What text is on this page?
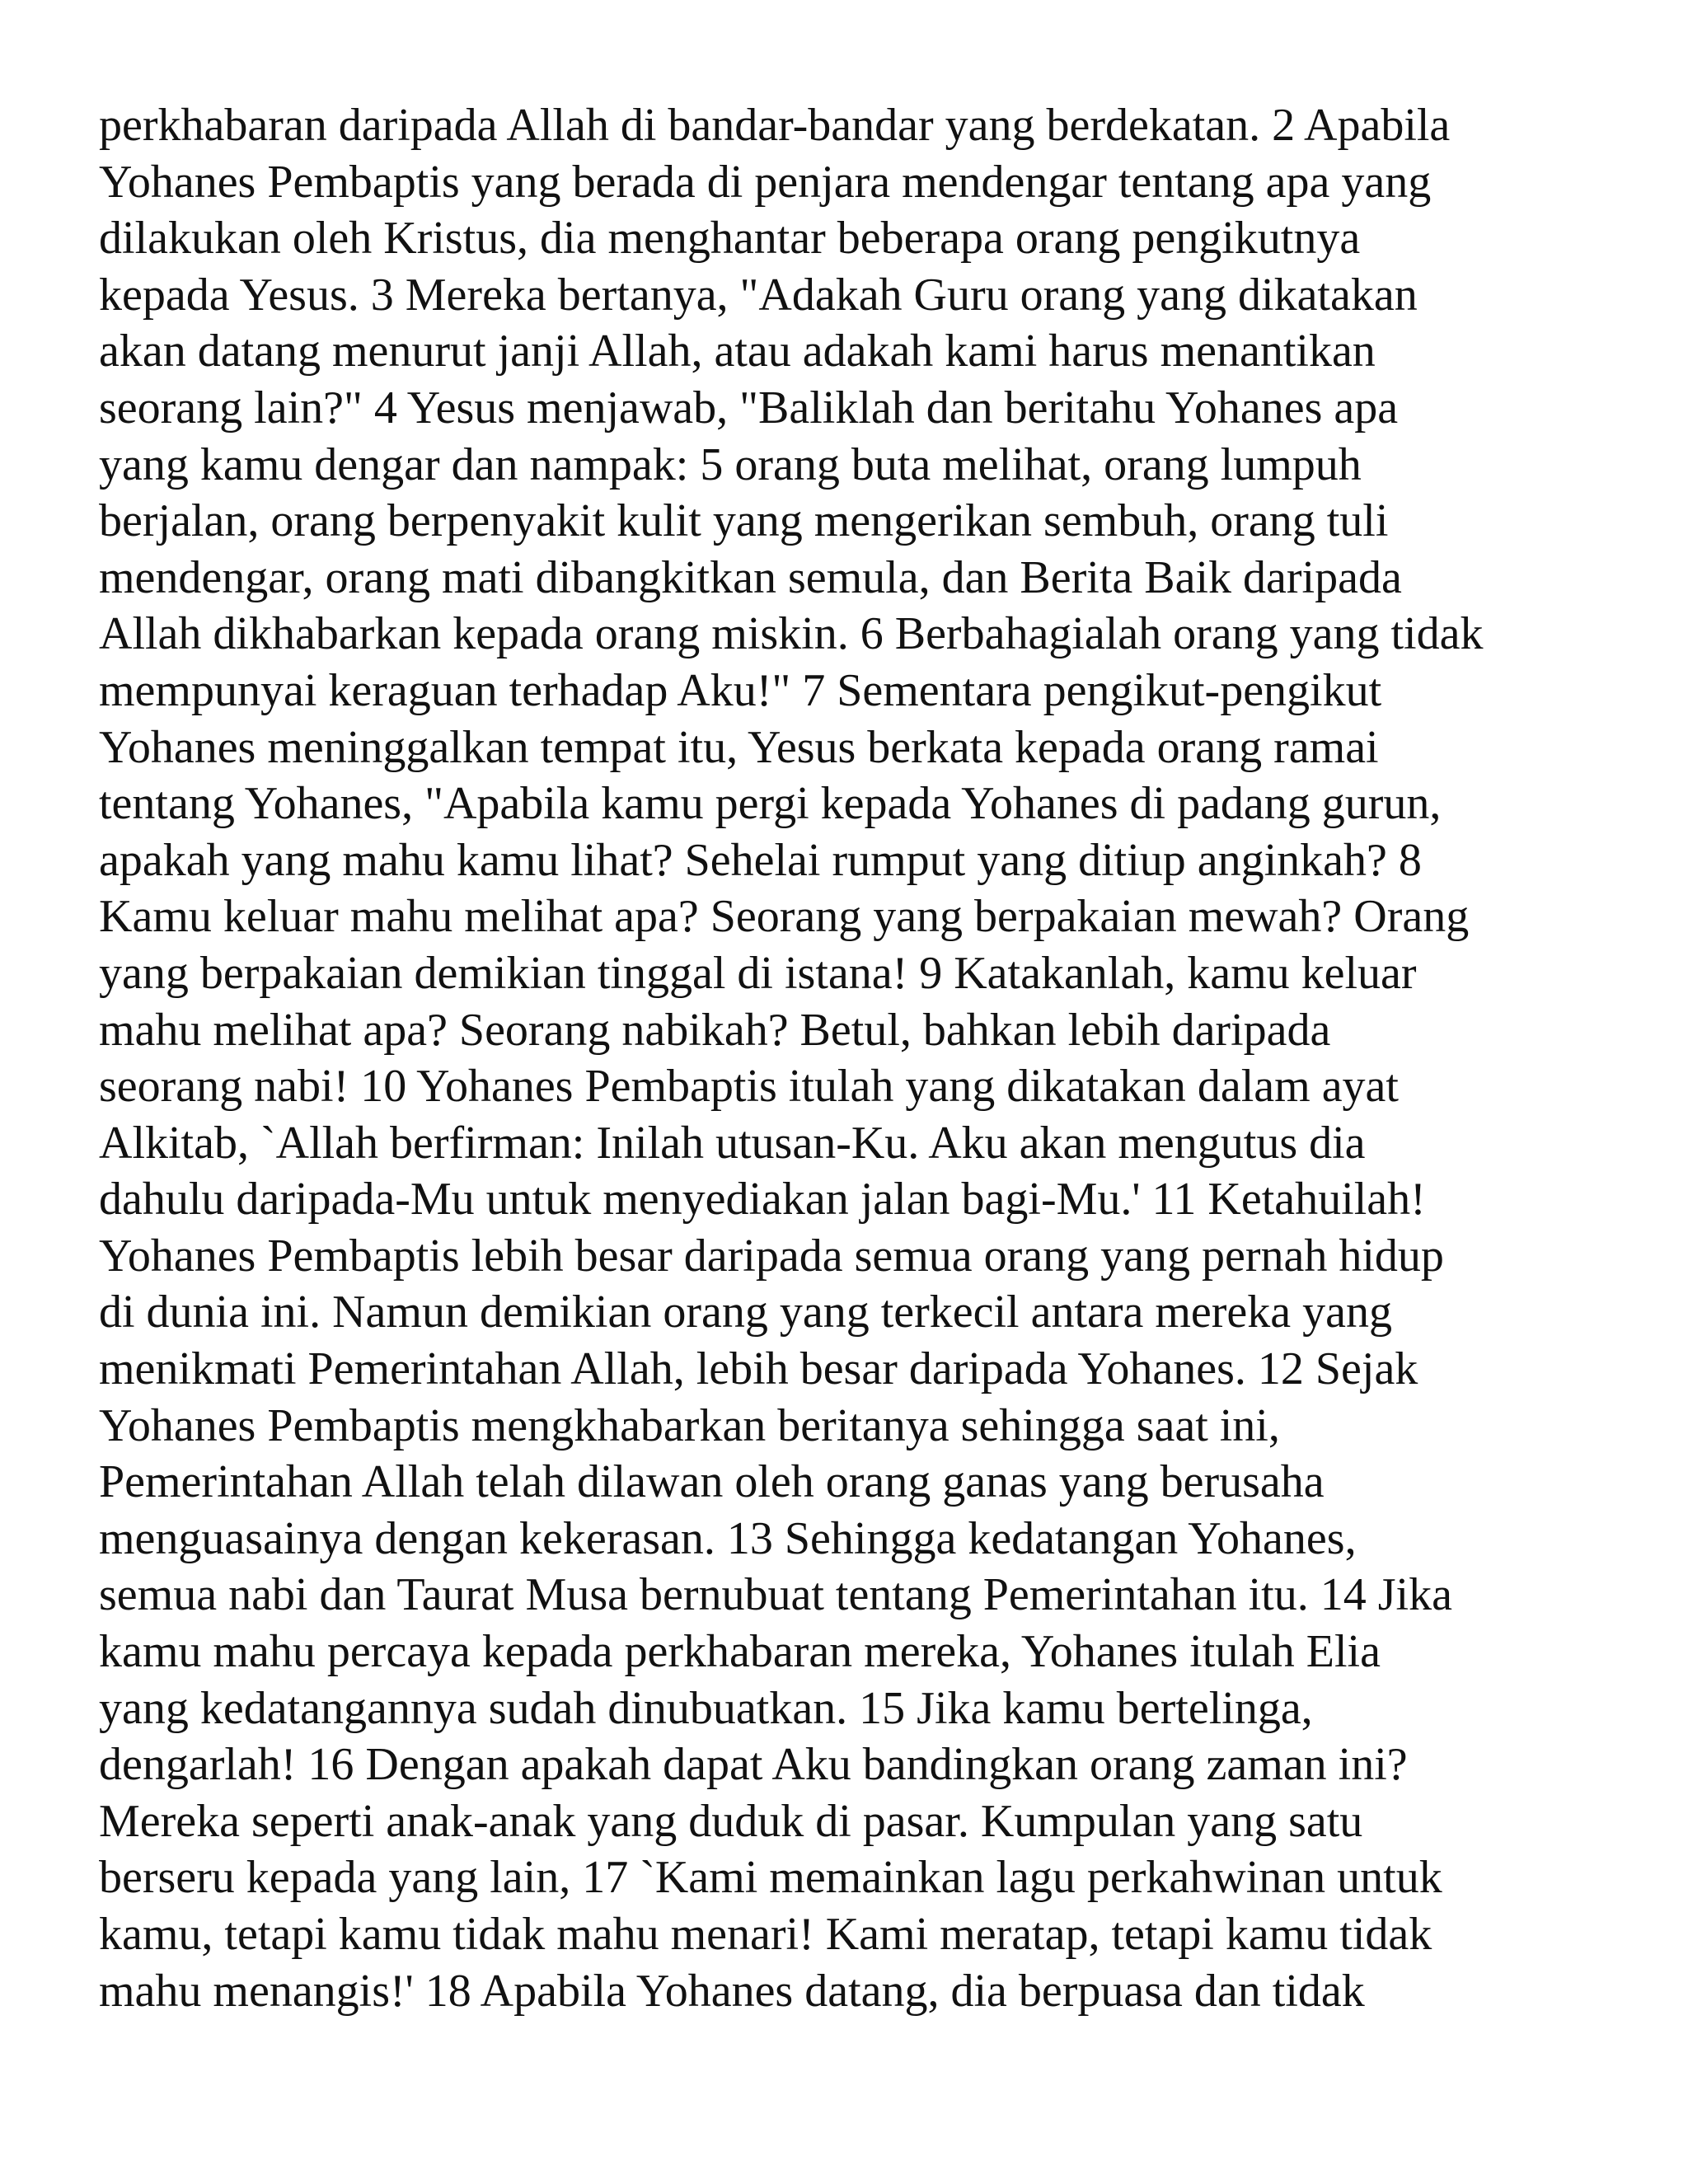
perkhabaran daripada Allah di bandar-bandar yang berdekatan. 2 Apabila
Yohanes Pembaptis yang berada di penjara mendengar tentang apa yang
dilakukan oleh Kristus, dia menghantar beberapa orang pengikutnya
kepada Yesus. 3 Mereka bertanya, "Adakah Guru orang yang dikatakan
akan datang menurut janji Allah, atau adakah kami harus menantikan
seorang lain?" 4 Yesus menjawab, "Baliklah dan beritahu Yohanes apa
yang kamu dengar dan nampak: 5 orang buta melihat, orang lumpuh
berjalan, orang berpenyakit kulit yang mengerikan sembuh, orang tuli
mendengar, orang mati dibangkitkan semula, dan Berita Baik daripada
Allah dikhabarkan kepada orang miskin. 6 Berbahagialah orang yang tidak
mempunyai keraguan terhadap Aku!" 7 Sementara pengikut-pengikut
Yohanes meninggalkan tempat itu, Yesus berkata kepada orang ramai
tentang Yohanes, "Apabila kamu pergi kepada Yohanes di padang gurun,
apakah yang mahu kamu lihat? Sehelai rumput yang ditiup anginkah? 8
Kamu keluar mahu melihat apa? Seorang yang berpakaian mewah? Orang
yang berpakaian demikian tinggal di istana! 9 Katakanlah, kamu keluar
mahu melihat apa? Seorang nabikah? Betul, bahkan lebih daripada
seorang nabi! 10 Yohanes Pembaptis itulah yang dikatakan dalam ayat
Alkitab, `Allah berfirman: Inilah utusan-Ku. Aku akan mengutus dia
dahulu daripada-Mu untuk menyediakan jalan bagi-Mu.' 11 Ketahuilah!
Yohanes Pembaptis lebih besar daripada semua orang yang pernah hidup
di dunia ini. Namun demikian orang yang terkecil antara mereka yang
menikmati Pemerintahan Allah, lebih besar daripada Yohanes. 12 Sejak
Yohanes Pembaptis mengkhabarkan beritanya sehingga saat ini,
Pemerintahan Allah telah dilawan oleh orang ganas yang berusaha
menguasainya dengan kekerasan. 13 Sehingga kedatangan Yohanes,
semua nabi dan Taurat Musa bernubuat tentang Pemerintahan itu. 14 Jika
kamu mahu percaya kepada perkhabaran mereka, Yohanes itulah Elia
yang kedatangannya sudah dinubuatkan. 15 Jika kamu bertelinga,
dengarlah! 16 Dengan apakah dapat Aku bandingkan orang zaman ini?
Mereka seperti anak-anak yang duduk di pasar. Kumpulan yang satu
berseru kepada yang lain, 17 `Kami memainkan lagu perkahwinan untuk
kamu, tetapi kamu tidak mahu menari! Kami meratap, tetapi kamu tidak
mahu menangis!' 18 Apabila Yohanes datang, dia berpuasa dan tidak
